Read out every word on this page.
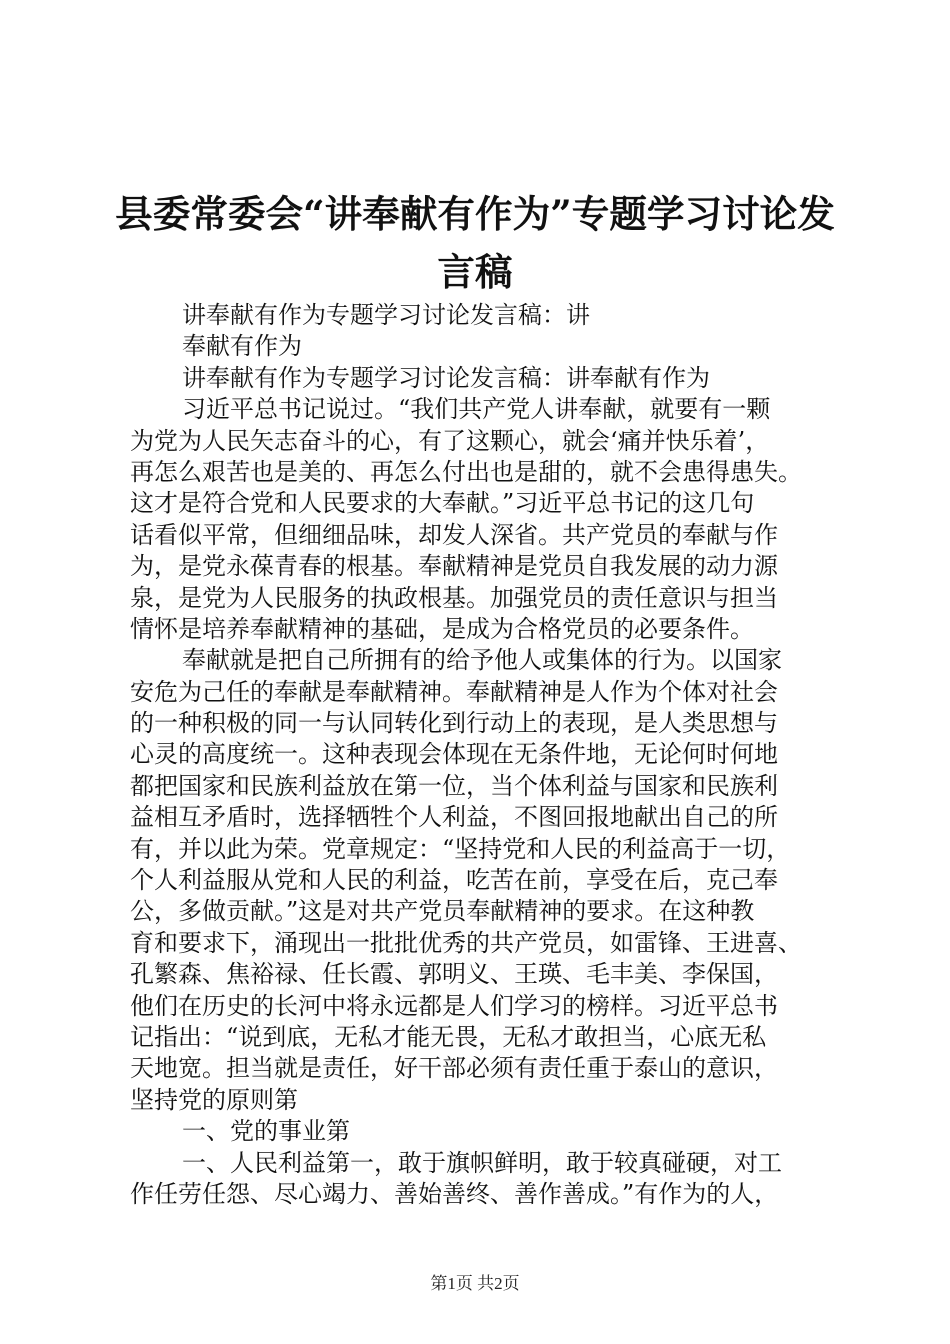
县委常委会“讲奉献有作为”专题学习讨论发
言稿
讲奉献有作为专题学习讨论发言稿：讲
奉献有作为
讲奉献有作为专题学习讨论发言稿：讲奉献有作为
习近平总书记说过。“我们共产党人讲奉献，就要有一颗
为党为人民矢志奋斗的心，有了这颗心，就会‘痛并快乐着’，
再怎么艰苦也是美的、再怎么付出也是甜的，就不会患得患失。
这才是符合党和人民要求的大奉献。”习近平总书记的这几句
话看似平常，但细细品味，却发人深省。共产党员的奉献与作
为，是党永葆青春的根基。奉献精神是党员自我发展的动力源
泉，是党为人民服务的执政根基。加强党员的责任意识与担当
情怀是培养奉献精神的基础，是成为合格党员的必要条件。
奉献就是把自己所拥有的给予他人或集体的行为。以国家
安危为己任的奉献是奉献精神。奉献精神是人作为个体对社会
的一种积极的同一与认同转化到行动上的表现，是人类思想与
心灵的高度统一。这种表现会体现在无条件地，无论何时何地
都把国家和民族利益放在第一位，当个体利益与国家和民族利
益相互矛盾时，选择牺牲个人利益，不图回报地献出自己的所
有，并以此为荣。党章规定：“坚持党和人民的利益高于一切，
个人利益服从党和人民的利益，吃苦在前，享受在后，克己奉
公，多做贡献。”这是对共产党员奉献精神的要求。在这种教
育和要求下，涌现出一批批优秀的共产党员，如雷锋、王进喜、
孔繁森、焦裕禄、任长霞、郭明义、王瑛、毛丰美、李保国，
他们在历史的长河中将永远都是人们学习的榜样。习近平总书
记指出：“说到底，无私才能无畏，无私才敢担当，心底无私
天地宽。担当就是责任，好干部必须有责任重于泰山的意识，
坚持党的原则第
一、党的事业第
一、人民利益第一，敢于旗帜鲜明，敢于较真碰硬，对工
作任劳任怨、尽心竭力、善始善终、善作善成。”有作为的人，
第1页 共2页
